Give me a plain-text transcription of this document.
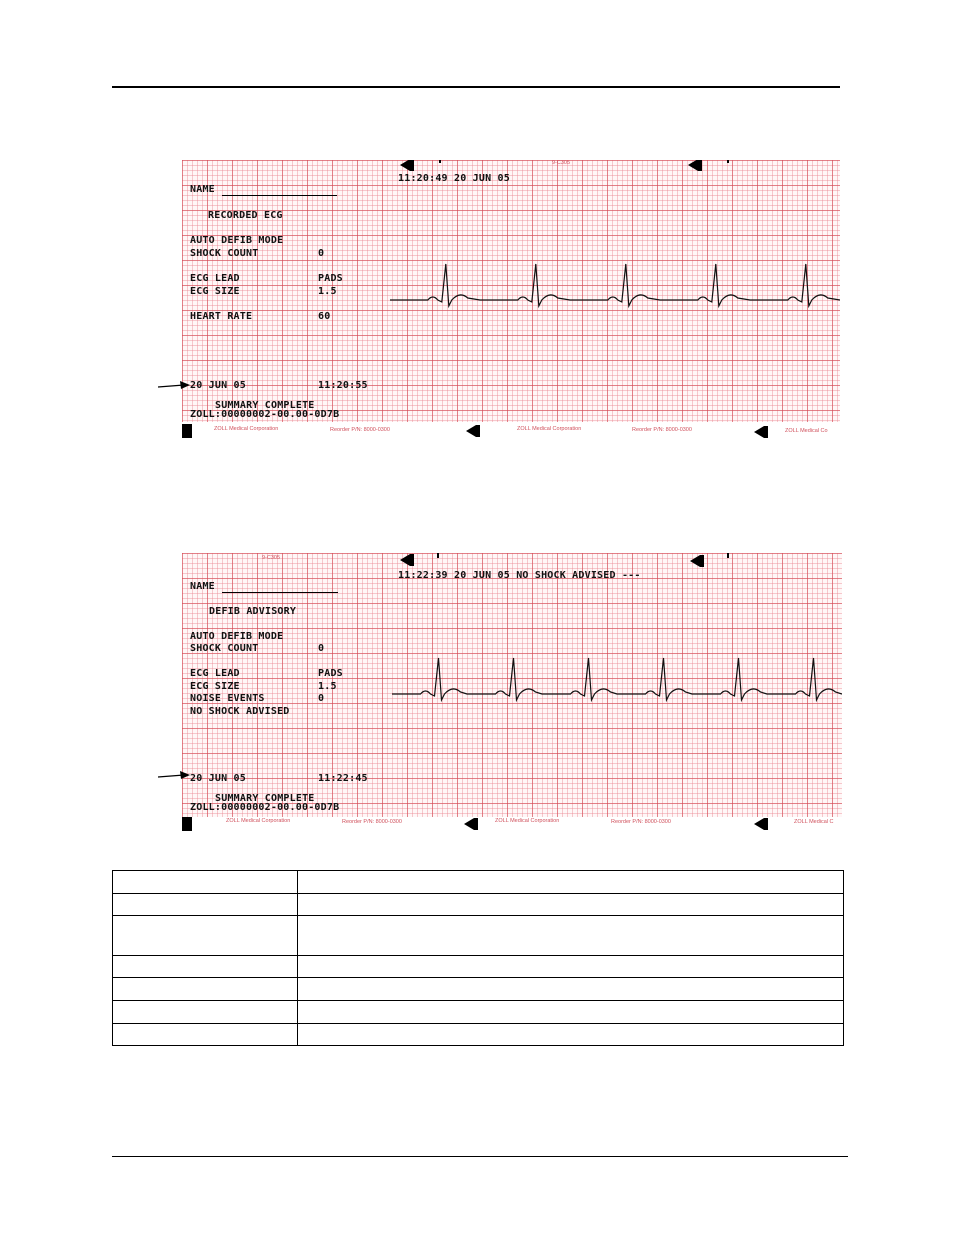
9-C305
11:20:49 20 JUN 05
NAME
RECORDED ECG
AUTO DEFIB MODE
SHOCK COUNT	0
ECG LEAD	PADS
ECG SIZE	1.5
HEART RATE	60
20 JUN 05	11:20:55
SUMMARY COMPLETE
ZOLL:00000002-00.00-0D7B
ZOLL Medical Corporation	Reorder P/N: 8000-0300	ZOLL Medical Corporation	Reorder P/N: 8000-0300	ZOLL Medical Co
9-C305
11:22:39 20 JUN 05 NO SHOCK ADVISED ---
NAME
DEFIB ADVISORY
AUTO DEFIB MODE
SHOCK COUNT	0
ECG LEAD	PADS
ECG SIZE	1.5
NOISE EVENTS	0
NO SHOCK ADVISED
20 JUN 05	11:22:45
SUMMARY COMPLETE
ZOLL:00000002-00.00-0D7B
ZOLL Medical Corporation	Reorder P/N: 8000-0300	ZOLL Medical Corporation	Reorder P/N: 8000-0300	ZOLL Medical C
